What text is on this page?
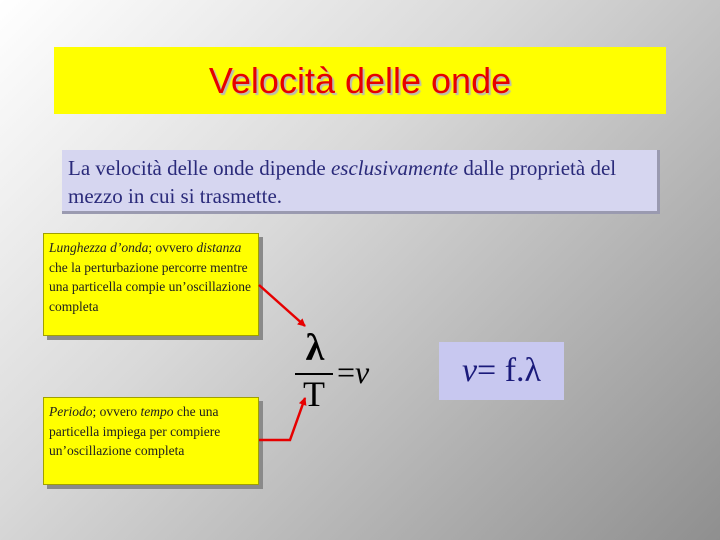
Velocità delle onde
La velocità delle onde dipende esclusivamente dalle proprietà del mezzo in cui si trasmette.
Lunghezza d’onda; ovvero distanza che la perturbazione percorre mentre una particella compie un’oscillazione completa
Periodo; ovvero tempo che una particella impiega per compiere un’oscillazione completa
λ
T
=v	v = f.λ
